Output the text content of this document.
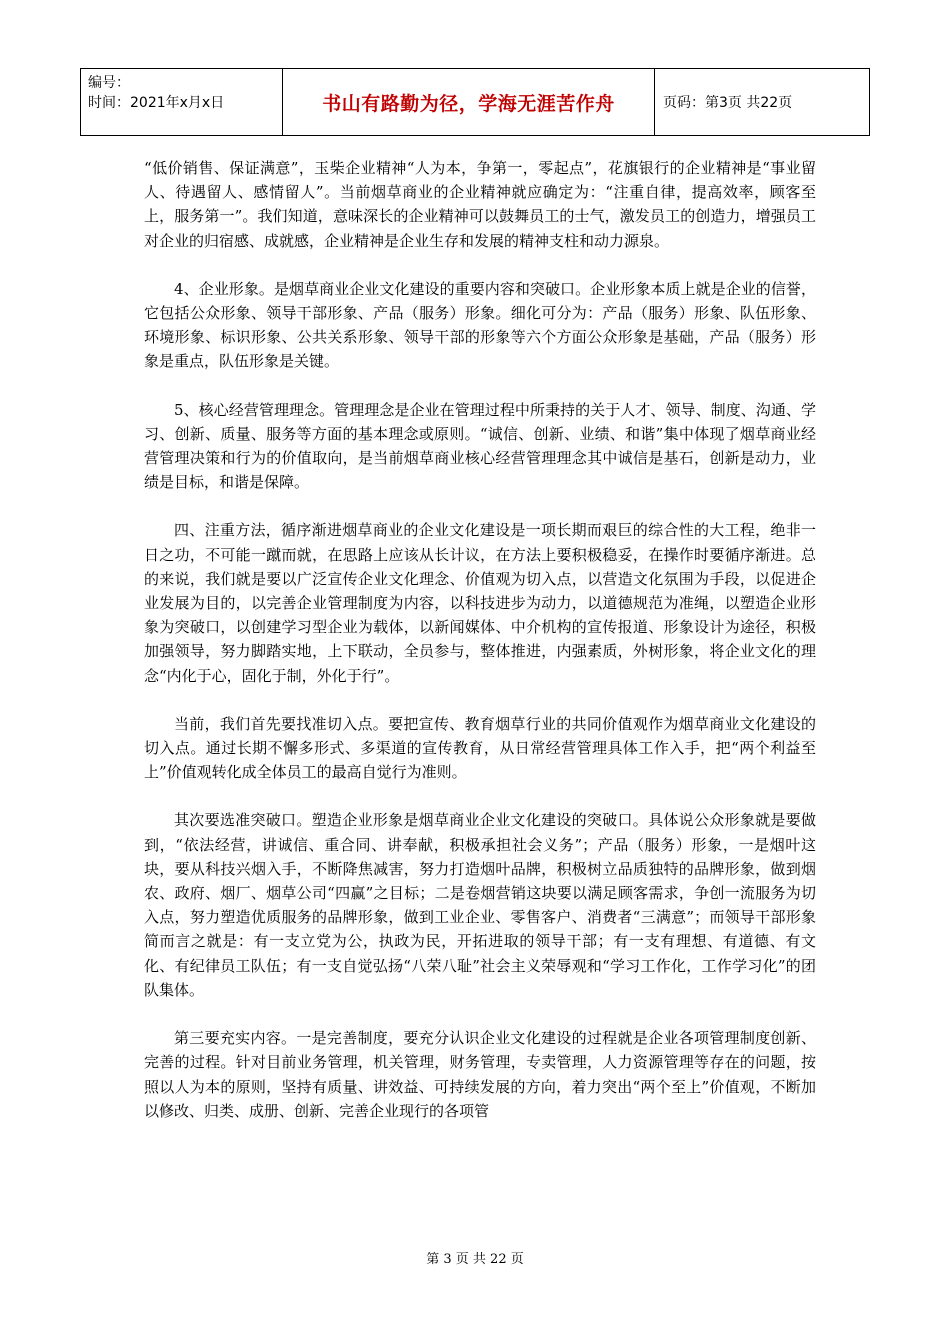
编号：
时间：2021年x月x日	书山有路勤为径，学海无涯苦作舟	页码：第3页 共22页

“低价销售、保证满意”，玉柴企业精神“人为本，争第一，零起点”，花旗银行的企业精神是“事业留人、待遇留人、感情留人”。当前烟草商业的企业精神就应确定为：“注重自律，提高效率，顾客至上，服务第一”。我们知道，意味深长的企业精神可以鼓舞员工的士气，激发员工的创造力，增强员工对企业的归宿感、成就感，企业精神是企业生存和发展的精神支柱和动力源泉。

4、企业形象。是烟草商业企业文化建设的重要内容和突破口。企业形象本质上就是企业的信誉，它包括公众形象、领导干部形象、产品（服务）形象。细化可分为：产品（服务）形象、队伍形象、环境形象、标识形象、公共关系形象、领导干部的形象等六个方面公众形象是基础，产品（服务）形象是重点，队伍形象是关键。

5、核心经营管理理念。管理理念是企业在管理过程中所秉持的关于人才、领导、制度、沟通、学习、创新、质量、服务等方面的基本理念或原则。“诚信、创新、业绩、和谐”集中体现了烟草商业经营管理决策和行为的价值取向，是当前烟草商业核心经营管理理念其中诚信是基石，创新是动力，业绩是目标，和谐是保障。

四、注重方法，循序渐进烟草商业的企业文化建设是一项长期而艰巨的综合性的大工程，绝非一日之功，不可能一蹴而就，在思路上应该从长计议，在方法上要积极稳妥，在操作时要循序渐进。总的来说，我们就是要以广泛宣传企业文化理念、价值观为切入点，以营造文化氛围为手段，以促进企业发展为目的，以完善企业管理制度为内容，以科技进步为动力，以道德规范为准绳，以塑造企业形象为突破口，以创建学习型企业为载体，以新闻媒体、中介机构的宣传报道、形象设计为途径，积极加强领导，努力脚踏实地，上下联动，全员参与，整体推进，内强素质，外树形象，将企业文化的理念“内化于心，固化于制，外化于行”。

当前，我们首先要找准切入点。要把宣传、教育烟草行业的共同价值观作为烟草商业文化建设的切入点。通过长期不懈多形式、多渠道的宣传教育，从日常经营管理具体工作入手，把“两个利益至上”价值观转化成全体员工的最高自觉行为准则。

其次要选准突破口。塑造企业形象是烟草商业企业文化建设的突破口。具体说公众形象就是要做到，“依法经营，讲诚信、重合同、讲奉献，积极承担社会义务”；产品（服务）形象，一是烟叶这块，要从科技兴烟入手，不断降焦减害，努力打造烟叶品牌，积极树立品质独特的品牌形象，做到烟农、政府、烟厂、烟草公司“四赢”之目标；二是卷烟营销这块要以满足顾客需求，争创一流服务为切入点，努力塑造优质服务的品牌形象，做到工业企业、零售客户、消费者“三满意”；而领导干部形象简而言之就是：有一支立党为公，执政为民，开拓进取的领导干部；有一支有理想、有道德、有文化、有纪律员工队伍；有一支自觉弘扬“八荣八耻”社会主义荣辱观和“学习工作化，工作学习化”的团队集体。

第三要充实内容。一是完善制度，要充分认识企业文化建设的过程就是企业各项管理制度创新、完善的过程。针对目前业务管理，机关管理，财务管理，专卖管理，人力资源管理等存在的问题，按照以人为本的原则，坚持有质量、讲效益、可持续发展的方向，着力突出“两个至上”价值观，不断加以修改、归类、成册、创新、完善企业现行的各项管

第 3 页 共 22 页
